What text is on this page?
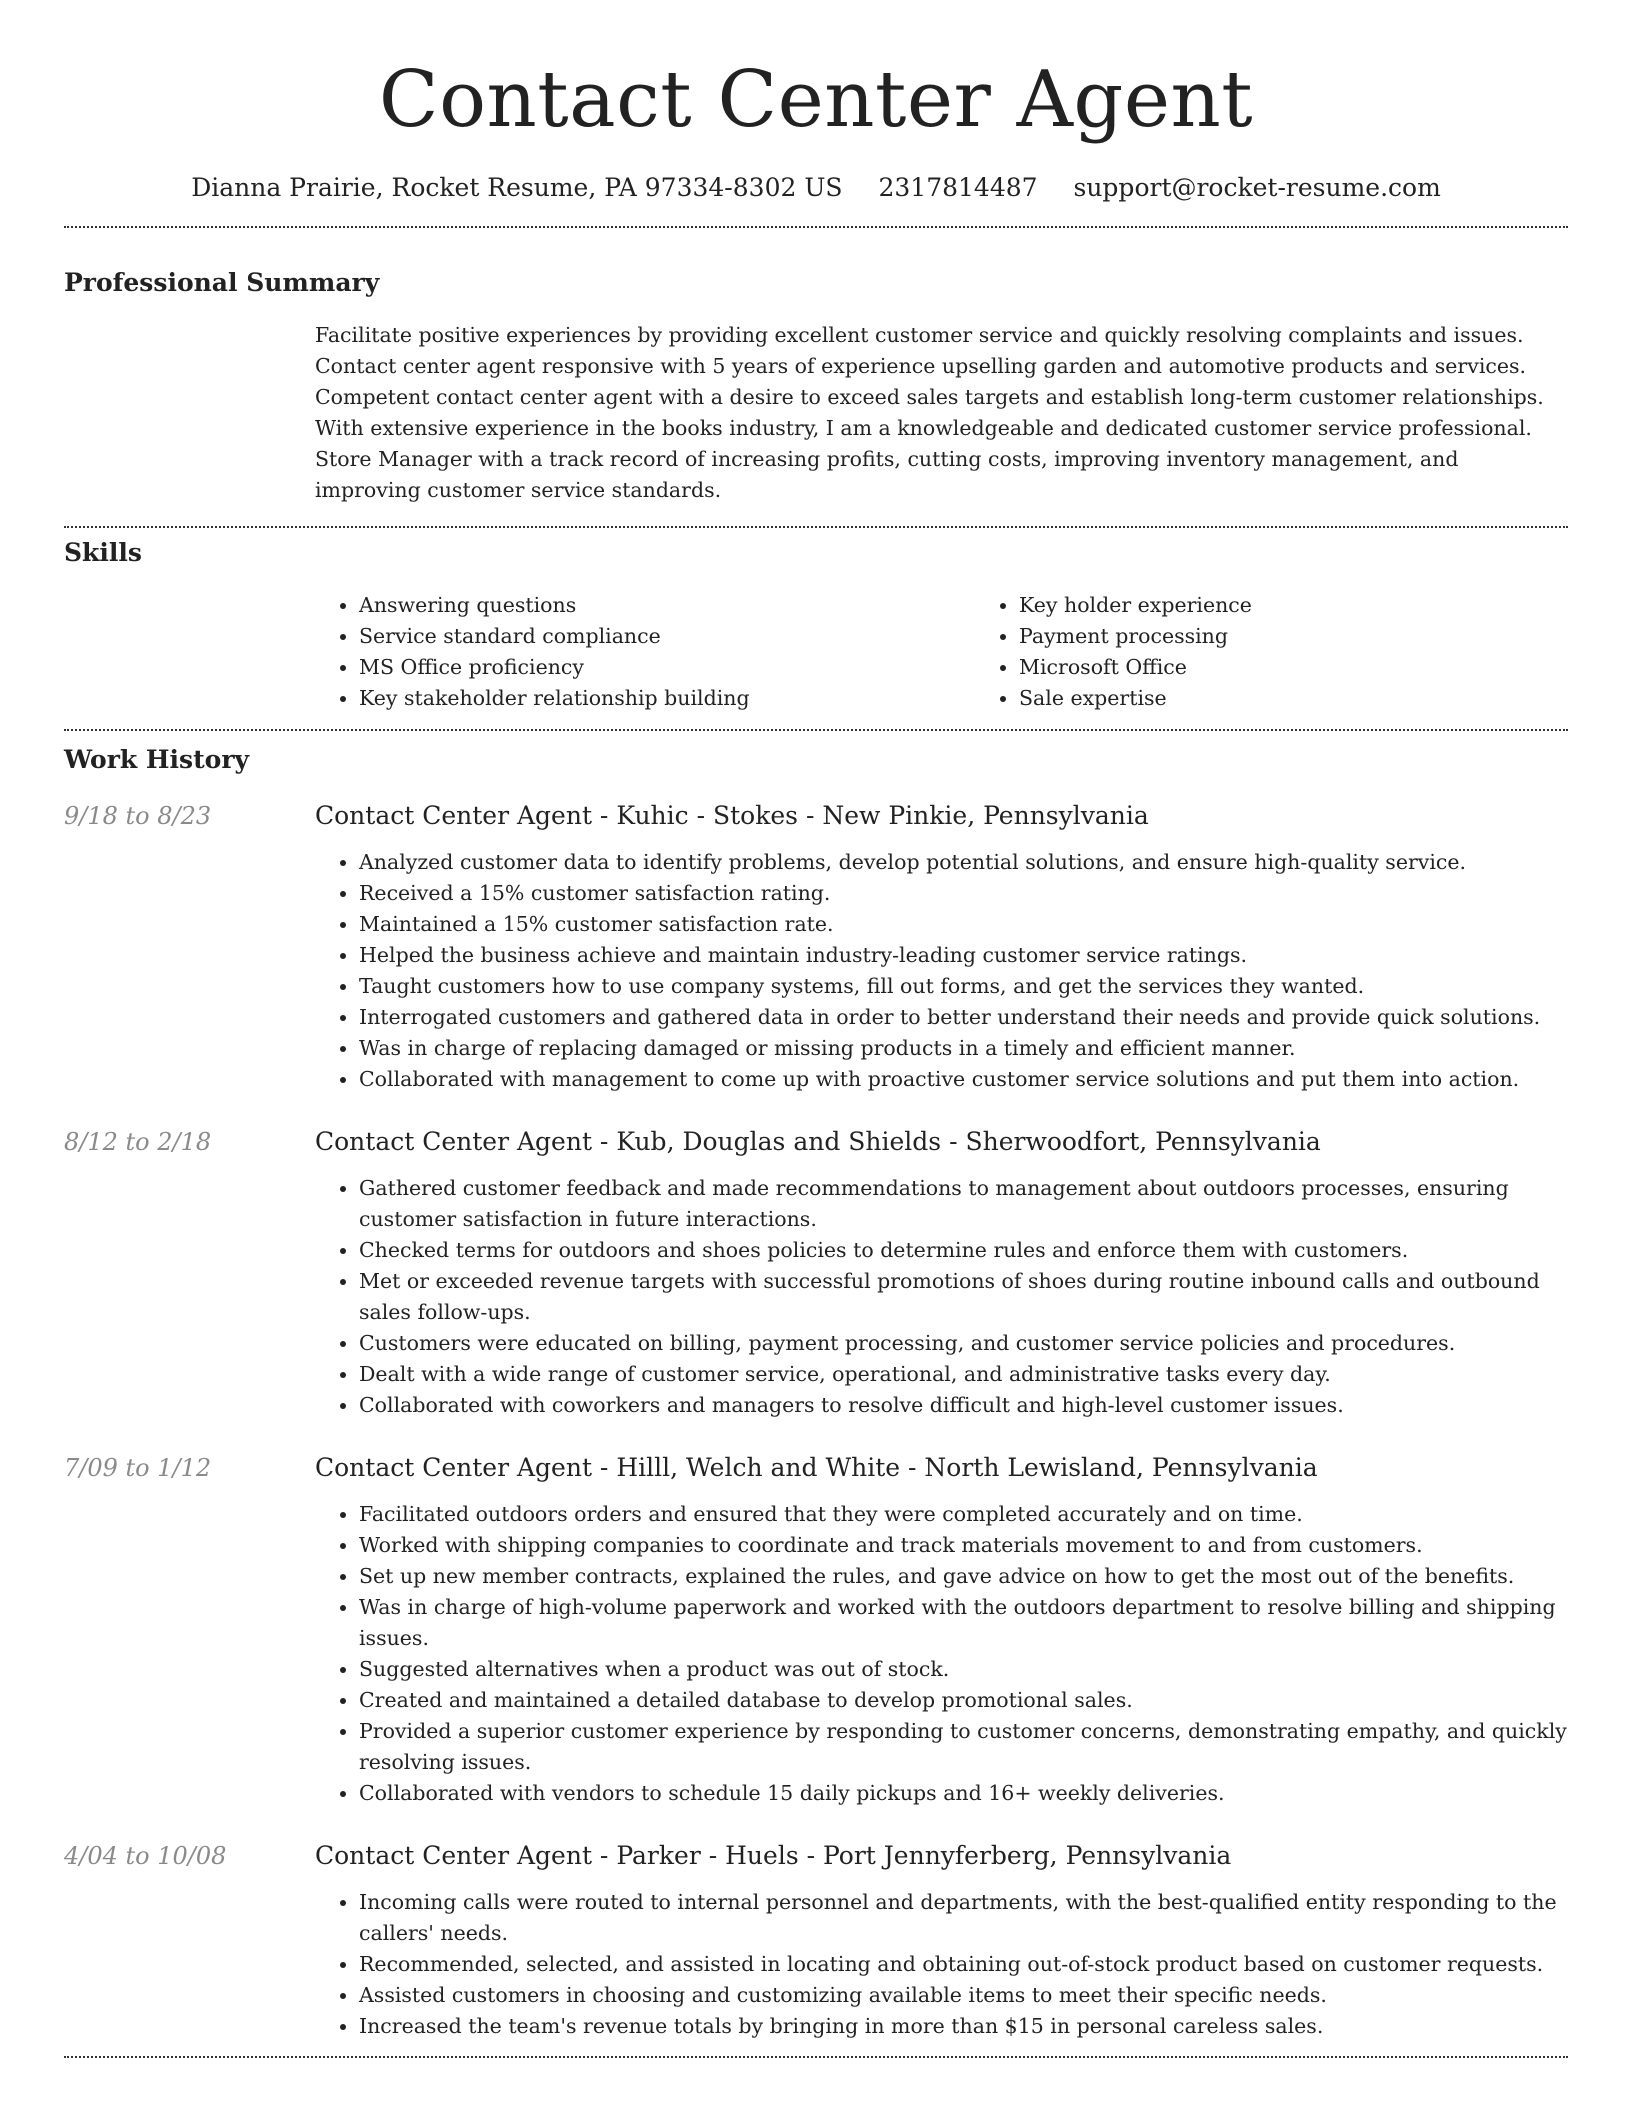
Contact Center Agent
Dianna Prairie, Rocket Resume, PA 97334-8302 US 2317814487 support@rocket-resume.com
Professional Summary

Facilitate positive experiences by providing excellent customer service and quickly resolving complaints and issues. Contact center agent responsive with 5 years of experience upselling garden and automotive products and services. Competent contact center agent with a desire to exceed sales targets and establish long-term customer relationships. With extensive experience in the books industry, I am a knowledgeable and dedicated customer service professional. Store Manager with a track record of increasing profits, cutting costs, improving inventory management, and improving customer service standards.

Skills
• Answering questions
• Service standard compliance
• MS Office proficiency
• Key stakeholder relationship building
• Key holder experience
• Payment processing
• Microsoft Office
• Sale expertise
Work History
9/18 to 8/23	Contact Center Agent - Kuhic - Stokes - New Pinkie, Pennsylvania
• Analyzed customer data to identify problems, develop potential solutions, and ensure high-quality service.
• Received a 15% customer satisfaction rating.
• Maintained a 15% customer satisfaction rate.
• Helped the business achieve and maintain industry-leading customer service ratings.
• Taught customers how to use company systems, fill out forms, and get the services they wanted.
• Interrogated customers and gathered data in order to better understand their needs and provide quick solutions.
• Was in charge of replacing damaged or missing products in a timely and efficient manner.
• Collaborated with management to come up with proactive customer service solutions and put them into action.
8/12 to 2/18	Contact Center Agent - Kub, Douglas and Shields - Sherwoodfort, Pennsylvania
• Gathered customer feedback and made recommendations to management about outdoors processes, ensuring customer satisfaction in future interactions.
• Checked terms for outdoors and shoes policies to determine rules and enforce them with customers.
• Met or exceeded revenue targets with successful promotions of shoes during routine inbound calls and outbound sales follow-ups.
• Customers were educated on billing, payment processing, and customer service policies and procedures.
• Dealt with a wide range of customer service, operational, and administrative tasks every day.
• Collaborated with coworkers and managers to resolve difficult and high-level customer issues.
7/09 to 1/12	Contact Center Agent - Hilll, Welch and White - North Lewisland, Pennsylvania
• Facilitated outdoors orders and ensured that they were completed accurately and on time.
• Worked with shipping companies to coordinate and track materials movement to and from customers.
• Set up new member contracts, explained the rules, and gave advice on how to get the most out of the benefits.
• Was in charge of high-volume paperwork and worked with the outdoors department to resolve billing and shipping issues.
• Suggested alternatives when a product was out of stock.
• Created and maintained a detailed database to develop promotional sales.
• Provided a superior customer experience by responding to customer concerns, demonstrating empathy, and quickly resolving issues.
• Collaborated with vendors to schedule 15 daily pickups and 16+ weekly deliveries.
4/04 to 10/08	Contact Center Agent - Parker - Huels - Port Jennyferberg, Pennsylvania
• Incoming calls were routed to internal personnel and departments, with the best-qualified entity responding to the callers' needs.
• Recommended, selected, and assisted in locating and obtaining out-of-stock product based on customer requests.
• Assisted customers in choosing and customizing available items to meet their specific needs.
• Increased the team's revenue totals by bringing in more than $15 in personal careless sales.
